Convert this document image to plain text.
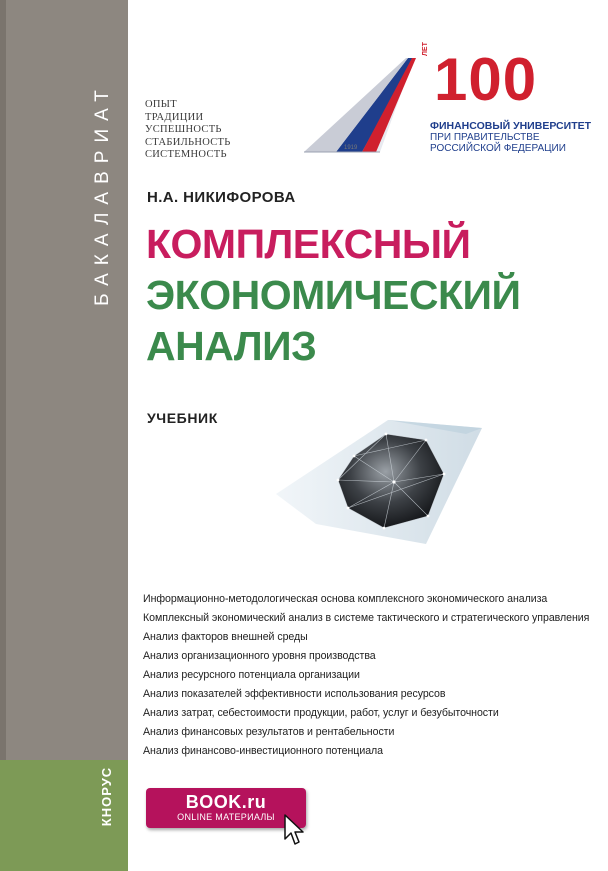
БАКАЛАВРИАТ
КНОРУС
ОПЫТ
ТРАДИЦИИ
УСПЕШНОСТЬ
СТАБИЛЬНОСТЬ
СИСТЕМНОСТЬ
1919
ЛЕТ 100
ФИНАНСОВЫЙ УНИВЕРСИТЕТ
ПРИ ПРАВИТЕЛЬСТВЕ
РОССИЙСКОЙ ФЕДЕРАЦИИ
Н.А. НИКИФОРОВА
КОМПЛЕКСНЫЙ
ЭКОНОМИЧЕСКИЙ
АНАЛИЗ
УЧЕБНИК
Информационно-методологическая основа комплексного экономического анализа
Комплексный экономический анализ в системе тактического и стратегического управления
Анализ факторов внешней среды
Анализ организационного уровня производства
Анализ ресурсного потенциала организации
Анализ показателей эффективности использования ресурсов
Анализ затрат, себестоимости продукции, работ, услуг и безубыточности
Анализ финансовых результатов и рентабельности
Анализ финансово-инвестиционного потенциала
BOOK.ru
ONLINE МАТЕРИАЛЫ
